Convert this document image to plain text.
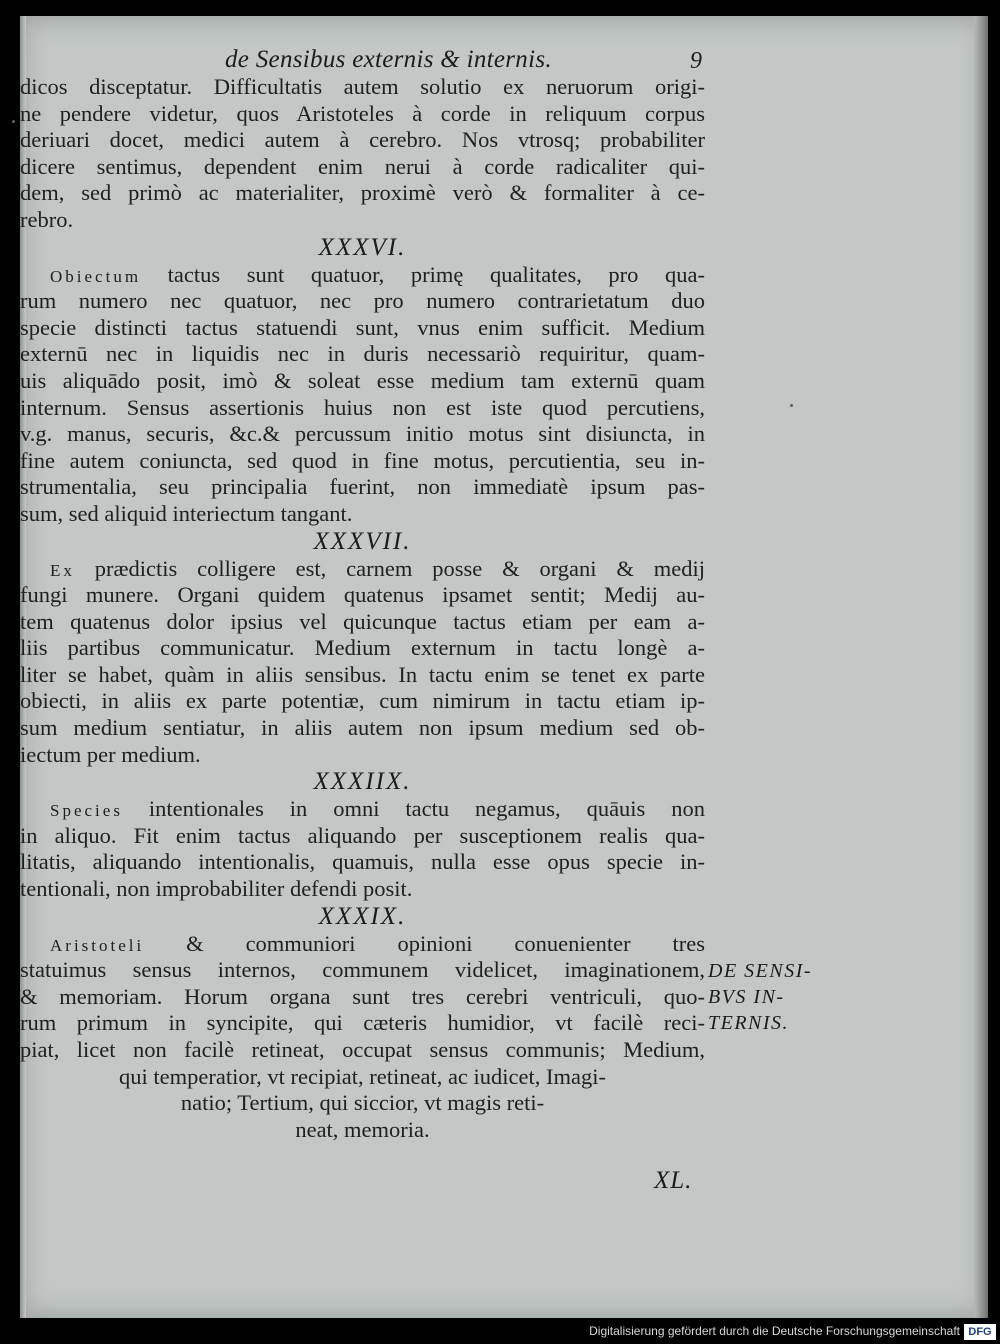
de Sensibus externis & internis.	9
dicos disceptatur. Difficultatis autem solutio ex neruorum origi-
ne pendere videtur, quos Aristoteles à corde in reliquum corpus
deriuari docet, medici autem à cerebro. Nos vtrosq; probabiliter
dicere sentimus, dependent enim nerui à corde radicaliter qui-
dem, sed primò ac materialiter, proximè verò & formaliter à ce-
rebro.
XXXVI.
Obiectum tactus sunt quatuor, primę qualitates, pro qua-
rum numero nec quatuor, nec pro numero contrarietatum duo
specie distincti tactus statuendi sunt, vnus enim sufficit. Medium
externū nec in liquidis nec in duris necessariò requiritur, quam-
uis aliquādo posit, imò & soleat esse medium tam externū quam
internum. Sensus assertionis huius non est iste quod percutiens,
v.g. manus, securis, &c.& percussum initio motus sint disiuncta, in
fine autem coniuncta, sed quod in fine motus, percutientia, seu in-
strumentalia, seu principalia fuerint, non immediatè ipsum pas-
sum, sed aliquid interiectum tangant.
XXXVII.
Ex prædictis colligere est, carnem posse & organi & medij
fungi munere. Organi quidem quatenus ipsamet sentit; Medij au-
tem quatenus dolor ipsius vel quicunque tactus etiam per eam a-
liis partibus communicatur. Medium externum in tactu longè a-
liter se habet, quàm in aliis sensibus. In tactu enim se tenet ex parte
obiecti, in aliis ex parte potentiæ, cum nimirum in tactu etiam ip-
sum medium sentiatur, in aliis autem non ipsum medium sed ob-
iectum per medium.
XXXIIX.
Species intentionales in omni tactu negamus, quāuis non
in aliquo. Fit enim tactus aliquando per susceptionem realis qua-
litatis, aliquando intentionalis, quamuis, nulla esse opus specie in-
tentionali, non improbabiliter defendi posit.
XXXIX.
Aristoteli & communiori opinioni conuenienter tres
statuimus sensus internos, communem videlicet, imaginationem,
& memoriam. Horum organa sunt tres cerebri ventriculi, quo-
rum primum in syncipite, qui cæteris humidior, vt facilè reci-
piat, licet non facilè retineat, occupat sensus communis; Medium,
qui temperatior, vt recipiat, retineat, ac iudicet, Imagi-
natio; Tertium, qui siccior, vt magis reti-
neat, memoria.
DE SENSI-
BVS IN-
TERNIS.
XL.
Digitalisierung gefördert durch die Deutsche Forschungsgemeinschaft DFG
